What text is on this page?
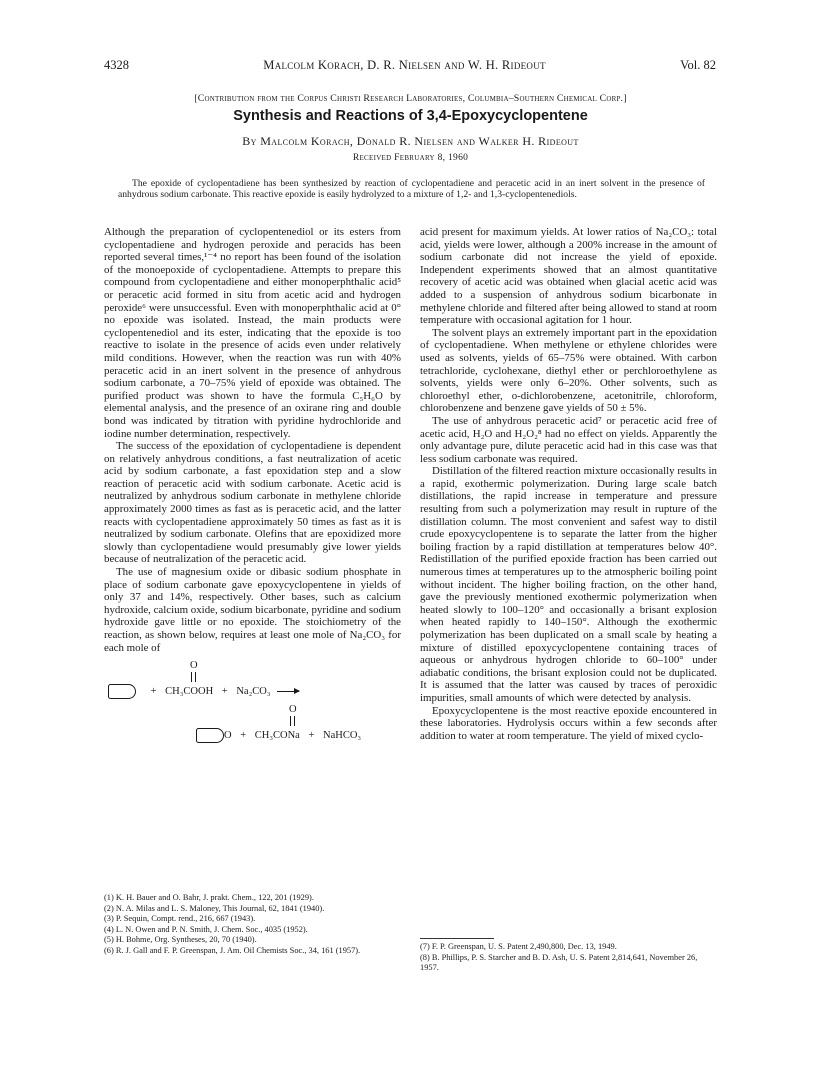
4328	Malcolm Korach, D. R. Nielsen and W. H. Rideout	Vol. 82
[Contribution from the Corpus Christi Research Laboratories, Columbia–Southern Chemical Corp.]
Synthesis and Reactions of 3,4-Epoxycyclopentene
By Malcolm Korach, Donald R. Nielsen and Walker H. Rideout
Received February 8, 1960
The epoxide of cyclopentadiene has been synthesized by reaction of cyclopentadiene and peracetic acid in an inert solvent in the presence of anhydrous sodium carbonate. This reactive epoxide is easily hydrolyzed to a mixture of 1,2- and 1,3-cyclopentenediols.

Although the preparation of cyclopentenediol or its esters from cyclopentadiene and hydrogen peroxide and peracids has been reported several times,¹⁻⁴ no report has been found of the isolation of the monoepoxide of cyclopentadiene. Attempts to prepare this compound from cyclopentadiene and either monoperphthalic acid⁵ or peracetic acid formed in situ from acetic acid and hydrogen peroxide⁶ were unsuccessful. Even with monoperphthalic acid at 0° no epoxide was isolated. Instead, the main products were cyclopentenediol and its ester, indicating that the epoxide is too reactive to isolate in the presence of acids even under relatively mild conditions. However, when the reaction was run with 40% peracetic acid in an inert solvent in the presence of anhydrous sodium carbonate, a 70–75% yield of epoxide was obtained. The purified product was shown to have the formula C₅H₆O by elemental analysis, and the presence of an oxirane ring and double bond was indicated by titration with pyridine hydrochloride and iodine number determination, respectively.

The success of the epoxidation of cyclopentadiene is dependent on relatively anhydrous conditions, a fast neutralization of acetic acid by sodium carbonate, a fast epoxidation step and a slow reaction of peracetic acid with sodium carbonate. Acetic acid is neutralized by anhydrous sodium carbonate in methylene chloride approximately 2000 times as fast as is peracetic acid, and the latter reacts with cyclopentadiene approximately 50 times as fast as it is neutralized by sodium carbonate. Olefins that are epoxidized more slowly than cyclopentadiene would presumably give lower yields because of neutralization of the peracetic acid.

The use of magnesium oxide or dibasic sodium phosphate in place of sodium carbonate gave epoxycyclopentene in yields of only 37 and 14%, respectively. Other bases, such as calcium hydroxide, calcium oxide, sodium bicarbonate, pyridine and sodium hydroxide gave little or no epoxide. The stoichiometry of the reaction, as shown below, requires at least one mole of Na₂CO₃ for each mole of

O
+ CH₃COOH + Na₂CO₃ →
O
O + CH₃CONa + NaHCO₃

acid present for maximum yields. At lower ratios of Na₂CO₃: total acid, yields were lower, although a 200% increase in the amount of sodium carbonate did not increase the yield of epoxide. Independent experiments showed that an almost quantitative recovery of acetic acid was obtained when glacial acetic acid was added to a suspension of anhydrous sodium bicarbonate in methylene chloride and filtered after being allowed to stand at room temperature with occasional agitation for 1 hour.

The solvent plays an extremely important part in the epoxidation of cyclopentadiene. When methylene or ethylene chlorides were used as solvents, yields of 65–75% were obtained. With carbon tetrachloride, cyclohexane, diethyl ether or perchloroethylene as solvents, yields were only 6–20%. Other solvents, such as chloroethyl ether, o-dichlorobenzene, acetonitrile, chloroform, chlorobenzene and benzene gave yields of 50 ± 5%.

The use of anhydrous peracetic acid⁷ or peracetic acid free of acetic acid, H₂O and H₂O₂⁸ had no effect on yields. Apparently the only advantage pure, dilute peracetic acid had in this case was that less sodium carbonate was required.

Distillation of the filtered reaction mixture occasionally results in a rapid, exothermic polymerization. During large scale batch distillations, the rapid increase in temperature and pressure resulting from such a polymerization may result in rupture of the distillation column. The most convenient and safest way to distil crude epoxycyclopentene is to separate the latter from the higher boiling fraction by a rapid distillation at temperatures below 40°. Redistillation of the purified epoxide fraction has been carried out numerous times at temperatures up to the atmospheric boiling point without incident. The higher boiling fraction, on the other hand, gave the previously mentioned exothermic polymerization when heated slowly to 100–120° and occasionally a brisant explosion when heated rapidly to 140–150°. Although the exothermic polymerization has been duplicated on a small scale by heating a mixture of distilled epoxycyclopentene containing traces of aqueous or anhydrous hydrogen chloride to 60–100° under adiabatic conditions, the brisant explosion could not be duplicated. It is assumed that the latter was caused by traces of peroxidic impurities, small amounts of which were detected by analysis.

Epoxycyclopentene is the most reactive epoxide encountered in these laboratories. Hydrolysis occurs within a few seconds after addition to water at room temperature. The yield of mixed cyclo-

(1) K. H. Bauer and O. Bahr, J. prakt. Chem., 122, 201 (1929).

(2) N. A. Milas and L. S. Maloney, This Journal, 62, 1841 (1940).

(3) P. Sequin, Compt. rend., 216, 667 (1943).

(4) L. N. Owen and P. N. Smith, J. Chem. Soc., 4035 (1952).

(5) H. Bohme, Org. Syntheses, 20, 70 (1940).

(6) R. J. Gall and F. P. Greenspan, J. Am. Oil Chemists Soc., 34, 161 (1957).	(7) F. P. Greenspan, U. S. Patent 2,490,800, Dec. 13, 1949.

(8) B. Phillips, P. S. Starcher and B. D. Ash, U. S. Patent 2,814,641, November 26, 1957.
